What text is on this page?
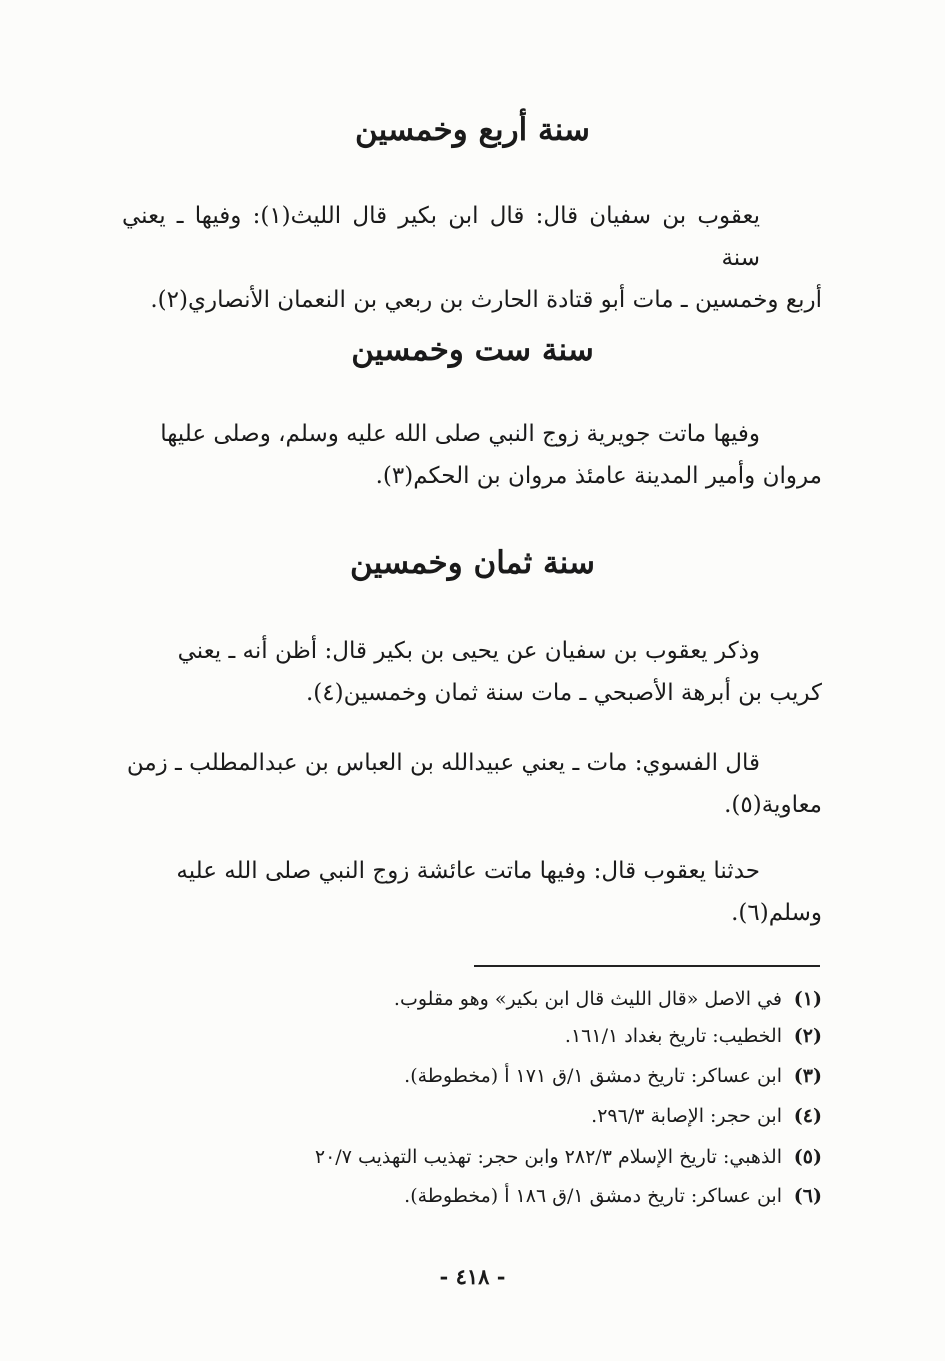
سنة أربع وخمسين
يعقوب بن سفيان قال: قال ابن بكير قال الليث(١): وفيها ـ يعني سنة
أربع وخمسين ـ مات أبو قتادة الحارث بن ربعي بن النعمان الأنصاري(٢).
سنة ست وخمسين
وفيها ماتت جويرية زوج النبي صلى الله عليه وسلم، وصلى عليها
مروان وأمير المدينة عامئذ مروان بن الحكم(٣).
سنة ثمان وخمسين
وذكر يعقوب بن سفيان عن يحيى بن بكير قال: أظن أنه ـ يعني
كريب بن أبرهة الأصبحي ـ مات سنة ثمان وخمسين(٤).
قال الفسوي: مات ـ يعني عبيدالله بن العباس بن عبدالمطلب ـ زمن
معاوية(٥).
حدثنا يعقوب قال: وفيها ماتت عائشة زوج النبي صلى الله عليه
وسلم(٦).
(١)في الاصل «قال الليث قال ابن بكير» وهو مقلوب.
(٢)الخطيب: تاريخ بغداد ١٦١/١.
(٣)ابن عساكر: تاريخ دمشق ١/ق ١٧١ أ (مخطوطة).
(٤)ابن حجر: الإصابة ٢٩٦/٣.
(٥)الذهبي: تاريخ الإسلام ٢٨٢/٣ وابن حجر: تهذيب التهذيب ٢٠/٧
(٦)ابن عساكر: تاريخ دمشق ١/ق ١٨٦ أ (مخطوطة).
- ٤١٨ -
